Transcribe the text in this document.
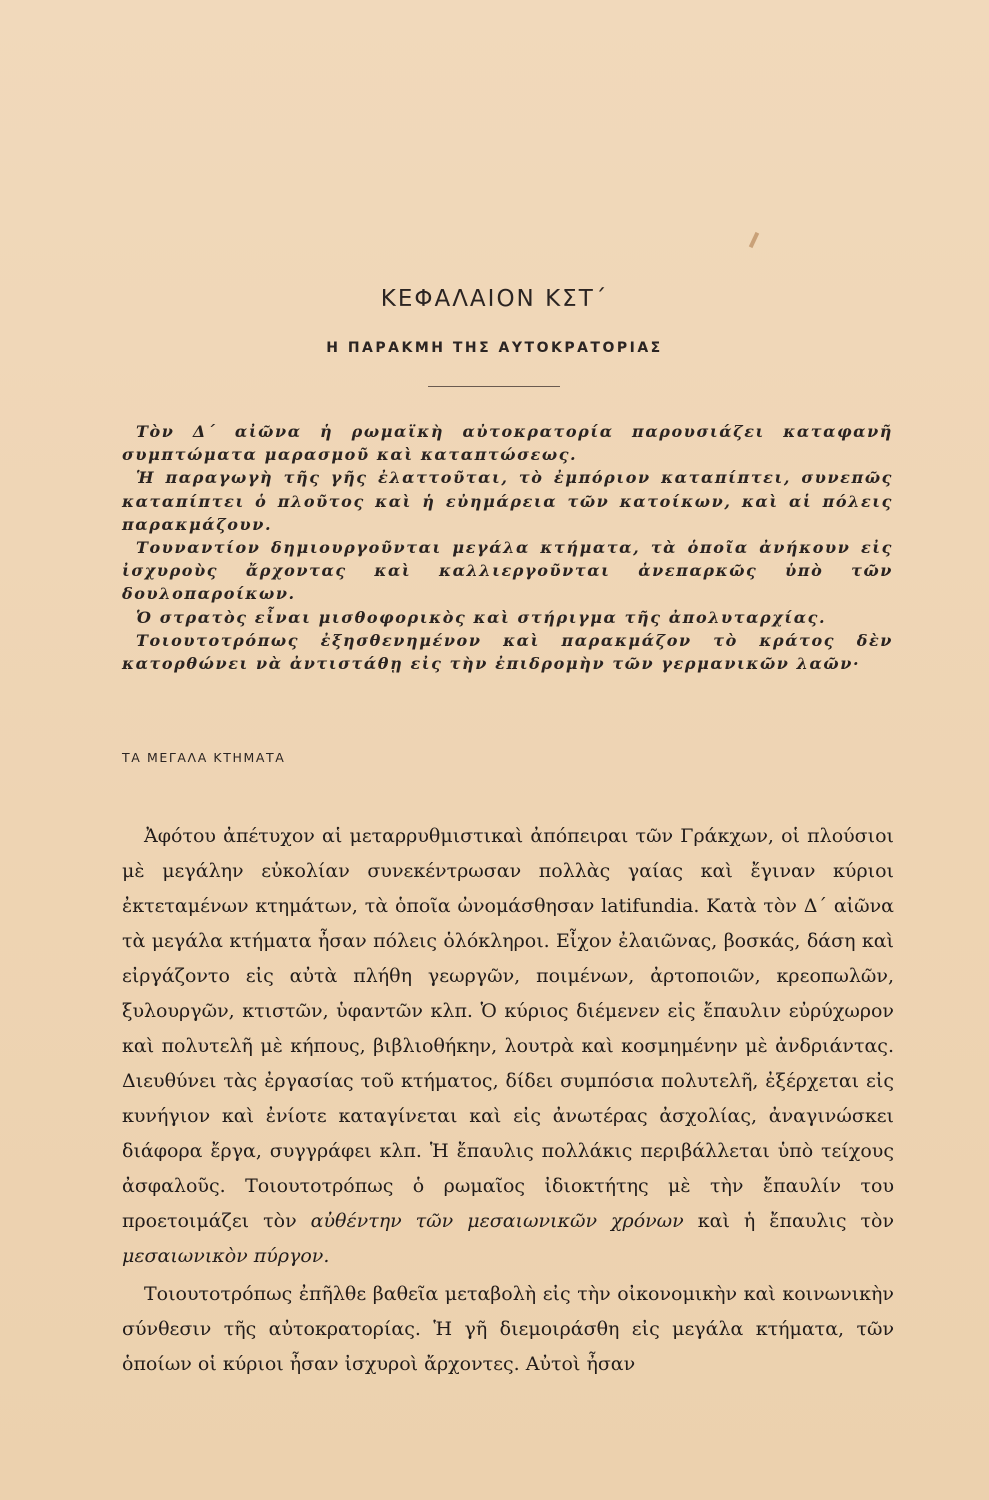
ΚΕΦΑΛΑΙΟΝ ΚΣΤ΄
Η ΠΑΡΑΚΜΗ ΤΗΣ ΑΥΤΟΚΡΑΤΟΡΙΑΣ

Τὸν Δ΄ αἰῶνα ἡ ρωμαϊκὴ αὐτοκρατορία παρουσιάζει καταφανῆ συμπτώματα μαρασμοῦ καὶ καταπτώσεως.

Ἡ παραγωγὴ τῆς γῆς ἐλαττοῦται, τὸ ἐμπόριον καταπίπτει, συνεπῶς καταπίπτει ὁ πλοῦτος καὶ ἡ εὐημάρεια τῶν κατοίκων, καὶ αἱ πόλεις παρακμάζουν.

Τουναντίον δημιουργοῦνται μεγάλα κτήματα, τὰ ὁποῖα ἀνήκουν εἰς ἰσχυροὺς ἄρχοντας καὶ καλλιεργοῦνται ἀνεπαρκῶς ὑπὸ τῶν δουλοπαροίκων.

Ὁ στρατὸς εἶναι μισθοφορικὸς καὶ στήριγμα τῆς ἀπολυταρχίας.

Τοιουτοτρόπως ἐξησθενημένον καὶ παρακμάζον τὸ κράτος δὲν κατορθώνει νὰ ἀντιστάθῃ εἰς τὴν ἐπιδρομὴν τῶν γερμανικῶν λαῶν·

ΤΑ ΜΕΓΑΛΑ ΚΤΗΜΑΤΑ

Ἀφότου ἀπέτυχον αἱ μεταρρυθμιστικαὶ ἀπόπειραι τῶν Γράκχων, οἱ πλούσιοι μὲ μεγάλην εὐκολίαν συνεκέντρωσαν πολλὰς γαίας καὶ ἔγιναν κύριοι ἐκτεταμένων κτημάτων, τὰ ὁποῖα ὠνομάσθησαν latifundia. Κατὰ τὸν Δ΄ αἰῶνα τὰ μεγάλα κτήματα ἦσαν πόλεις ὁλόκληροι. Εἶχον ἐλαιῶνας, βοσκάς, δάση καὶ εἰργάζοντο εἰς αὐτὰ πλήθη γεωργῶν, ποιμένων, ἀρτοποιῶν, κρεοπωλῶν, ξυλουργῶν, κτιστῶν, ὑφαντῶν κλπ. Ὁ κύριος διέμενεν εἰς ἔπαυλιν εὐρύχωρον καὶ πολυτελῆ μὲ κήπους, βιβλιοθήκην, λουτρὰ καὶ κοσμημένην μὲ ἀνδριάντας. Διευθύνει τὰς ἐργασίας τοῦ κτήματος, δίδει συμπόσια πολυτελῆ, ἐξέρχεται εἰς κυνήγιον καὶ ἐνίοτε καταγίνεται καὶ εἰς ἀνωτέρας ἀσχολίας, ἀναγινώσκει διάφορα ἔργα, συγγράφει κλπ. Ἡ ἔπαυλις πολλάκις περιβάλλεται ὑπὸ τείχους ἀσφαλοῦς. Τοιουτοτρόπως ὁ ρωμαῖος ἰδιοκτήτης μὲ τὴν ἔπαυλίν του προετοιμάζει τὸν αὐθέντην τῶν μεσαιωνικῶν χρόνων καὶ ἡ ἔπαυλις τὸν μεσαιωνικὸν πύργον.

Τοιουτοτρόπως ἐπῆλθε βαθεῖα μεταβολὴ εἰς τὴν οἰκονομικὴν καὶ κοινωνικὴν σύνθεσιν τῆς αὐτοκρατορίας. Ἡ γῆ διεμοιράσθη εἰς μεγάλα κτήματα, τῶν ὁποίων οἱ κύριοι ἦσαν ἰσχυροὶ ἄρχοντες. Αὐτοὶ ἦσαν
